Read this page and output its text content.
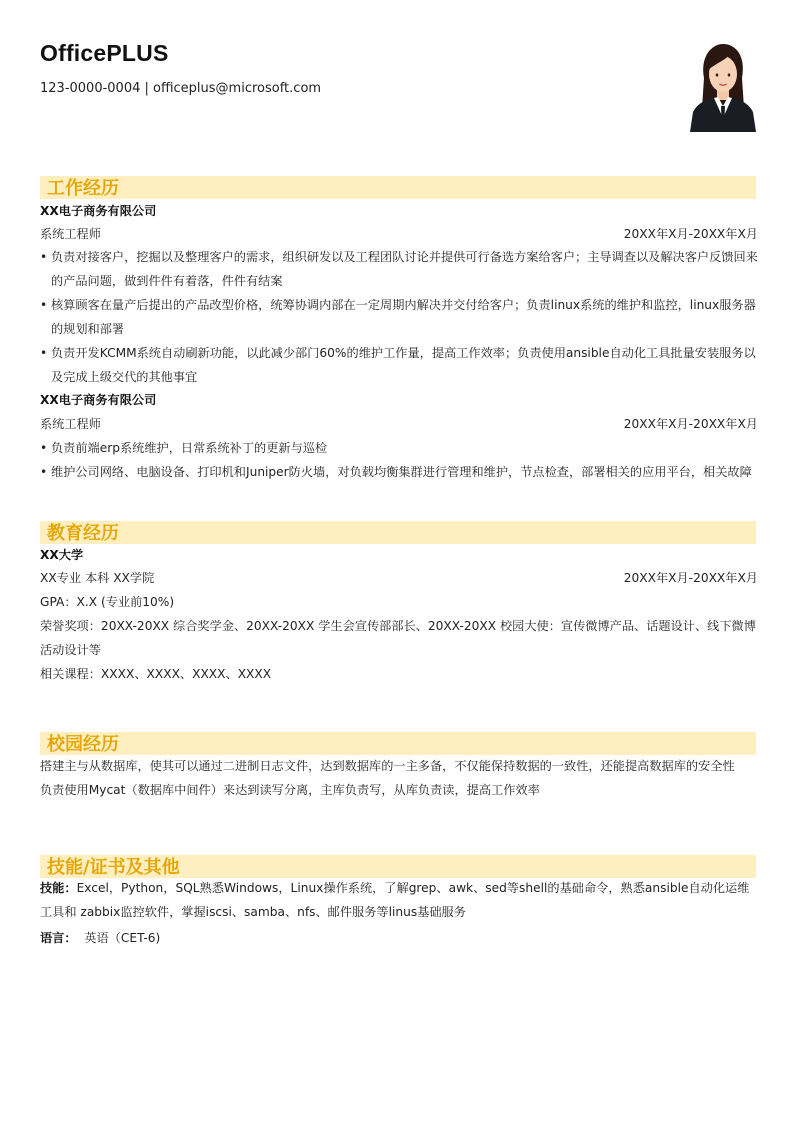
OfficePLUS
123-0000-0004 | officeplus@microsoft.com
工作经历
XX电子商务有限公司
系统工程师	20XX年X月-20XX年X月
• 负责对接客户，挖掘以及整理客户的需求，组织研发以及工程团队讨论并提供可行备选方案给客户；主导调查以及解决客户反馈回来的产品问题，做到件件有着落，件件有结案
• 核算顾客在量产后提出的产品改型价格，统筹协调内部在一定周期内解决并交付给客户；负责linux系统的维护和监控，linux服务器的规划和部署
• 负责开发KCMM系统自动刷新功能，以此减少部门60%的维护工作量，提高工作效率；负责使用ansible自动化工具批量安装服务以及完成上级交代的其他事宜
XX电子商务有限公司
系统工程师	20XX年X月-20XX年X月
• 负责前端erp系统维护，日常系统补丁的更新与巡检
• 维护公司网络、电脑设备、打印机和Juniper防火墙，对负载均衡集群进行管理和维护，节点检查，部署相关的应用平台，相关故障
教育经历
XX大学
XX专业 本科 XX学院	20XX年X月-20XX年X月
GPA：X.X (专业前10%)
荣誉奖项：20XX-20XX 综合奖学金、20XX-20XX 学生会宣传部部长、20XX-20XX 校园大使：宣传微博产品、话题设计、线下微博活动设计等
相关课程：XXXX、XXXX、XXXX、XXXX
校园经历
搭建主与从数据库，使其可以通过二进制日志文件，达到数据库的一主多备，不仅能保持数据的一致性，还能提高数据库的安全性
负责使用Mycat（数据库中间件）来达到读写分离，主库负责写，从库负责读，提高工作效率
技能/证书及其他
技能：Excel，Python，SQL熟悉Windows，Linux操作系统，了解grep、awk、sed等shell的基础命令，熟悉ansible自动化运维工具和 zabbix监控软件，掌握iscsi、samba、nfs、邮件服务等linus基础服务
语言： 英语（CET-6)
